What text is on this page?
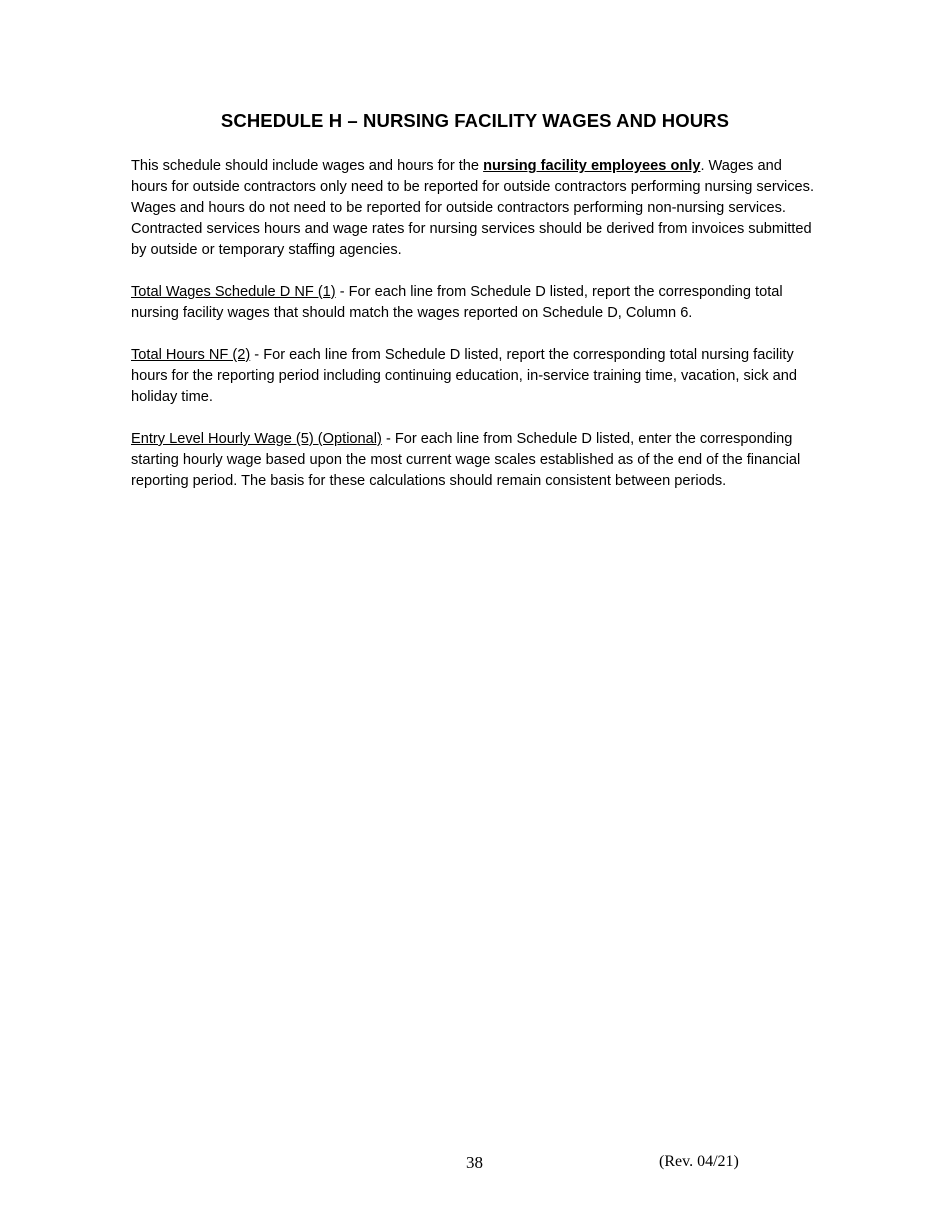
SCHEDULE H – NURSING FACILITY WAGES AND HOURS

This schedule should include wages and hours for the nursing facility employees only. Wages and hours for outside contractors only need to be reported for outside contractors performing nursing services. Wages and hours do not need to be reported for outside contractors performing non-nursing services. Contracted services hours and wage rates for nursing services should be derived from invoices submitted by outside or temporary staffing agencies.

Total Wages Schedule D NF (1) - For each line from Schedule D listed, report the corresponding total nursing facility wages that should match the wages reported on Schedule D, Column 6.

Total Hours NF (2) - For each line from Schedule D listed, report the corresponding total nursing facility hours for the reporting period including continuing education, in-service training time, vacation, sick and holiday time.

Entry Level Hourly Wage (5) (Optional) - For each line from Schedule D listed, enter the corresponding starting hourly wage based upon the most current wage scales established as of the end of the financial reporting period. The basis for these calculations should remain consistent between periods.

38	(Rev. 04/21)
